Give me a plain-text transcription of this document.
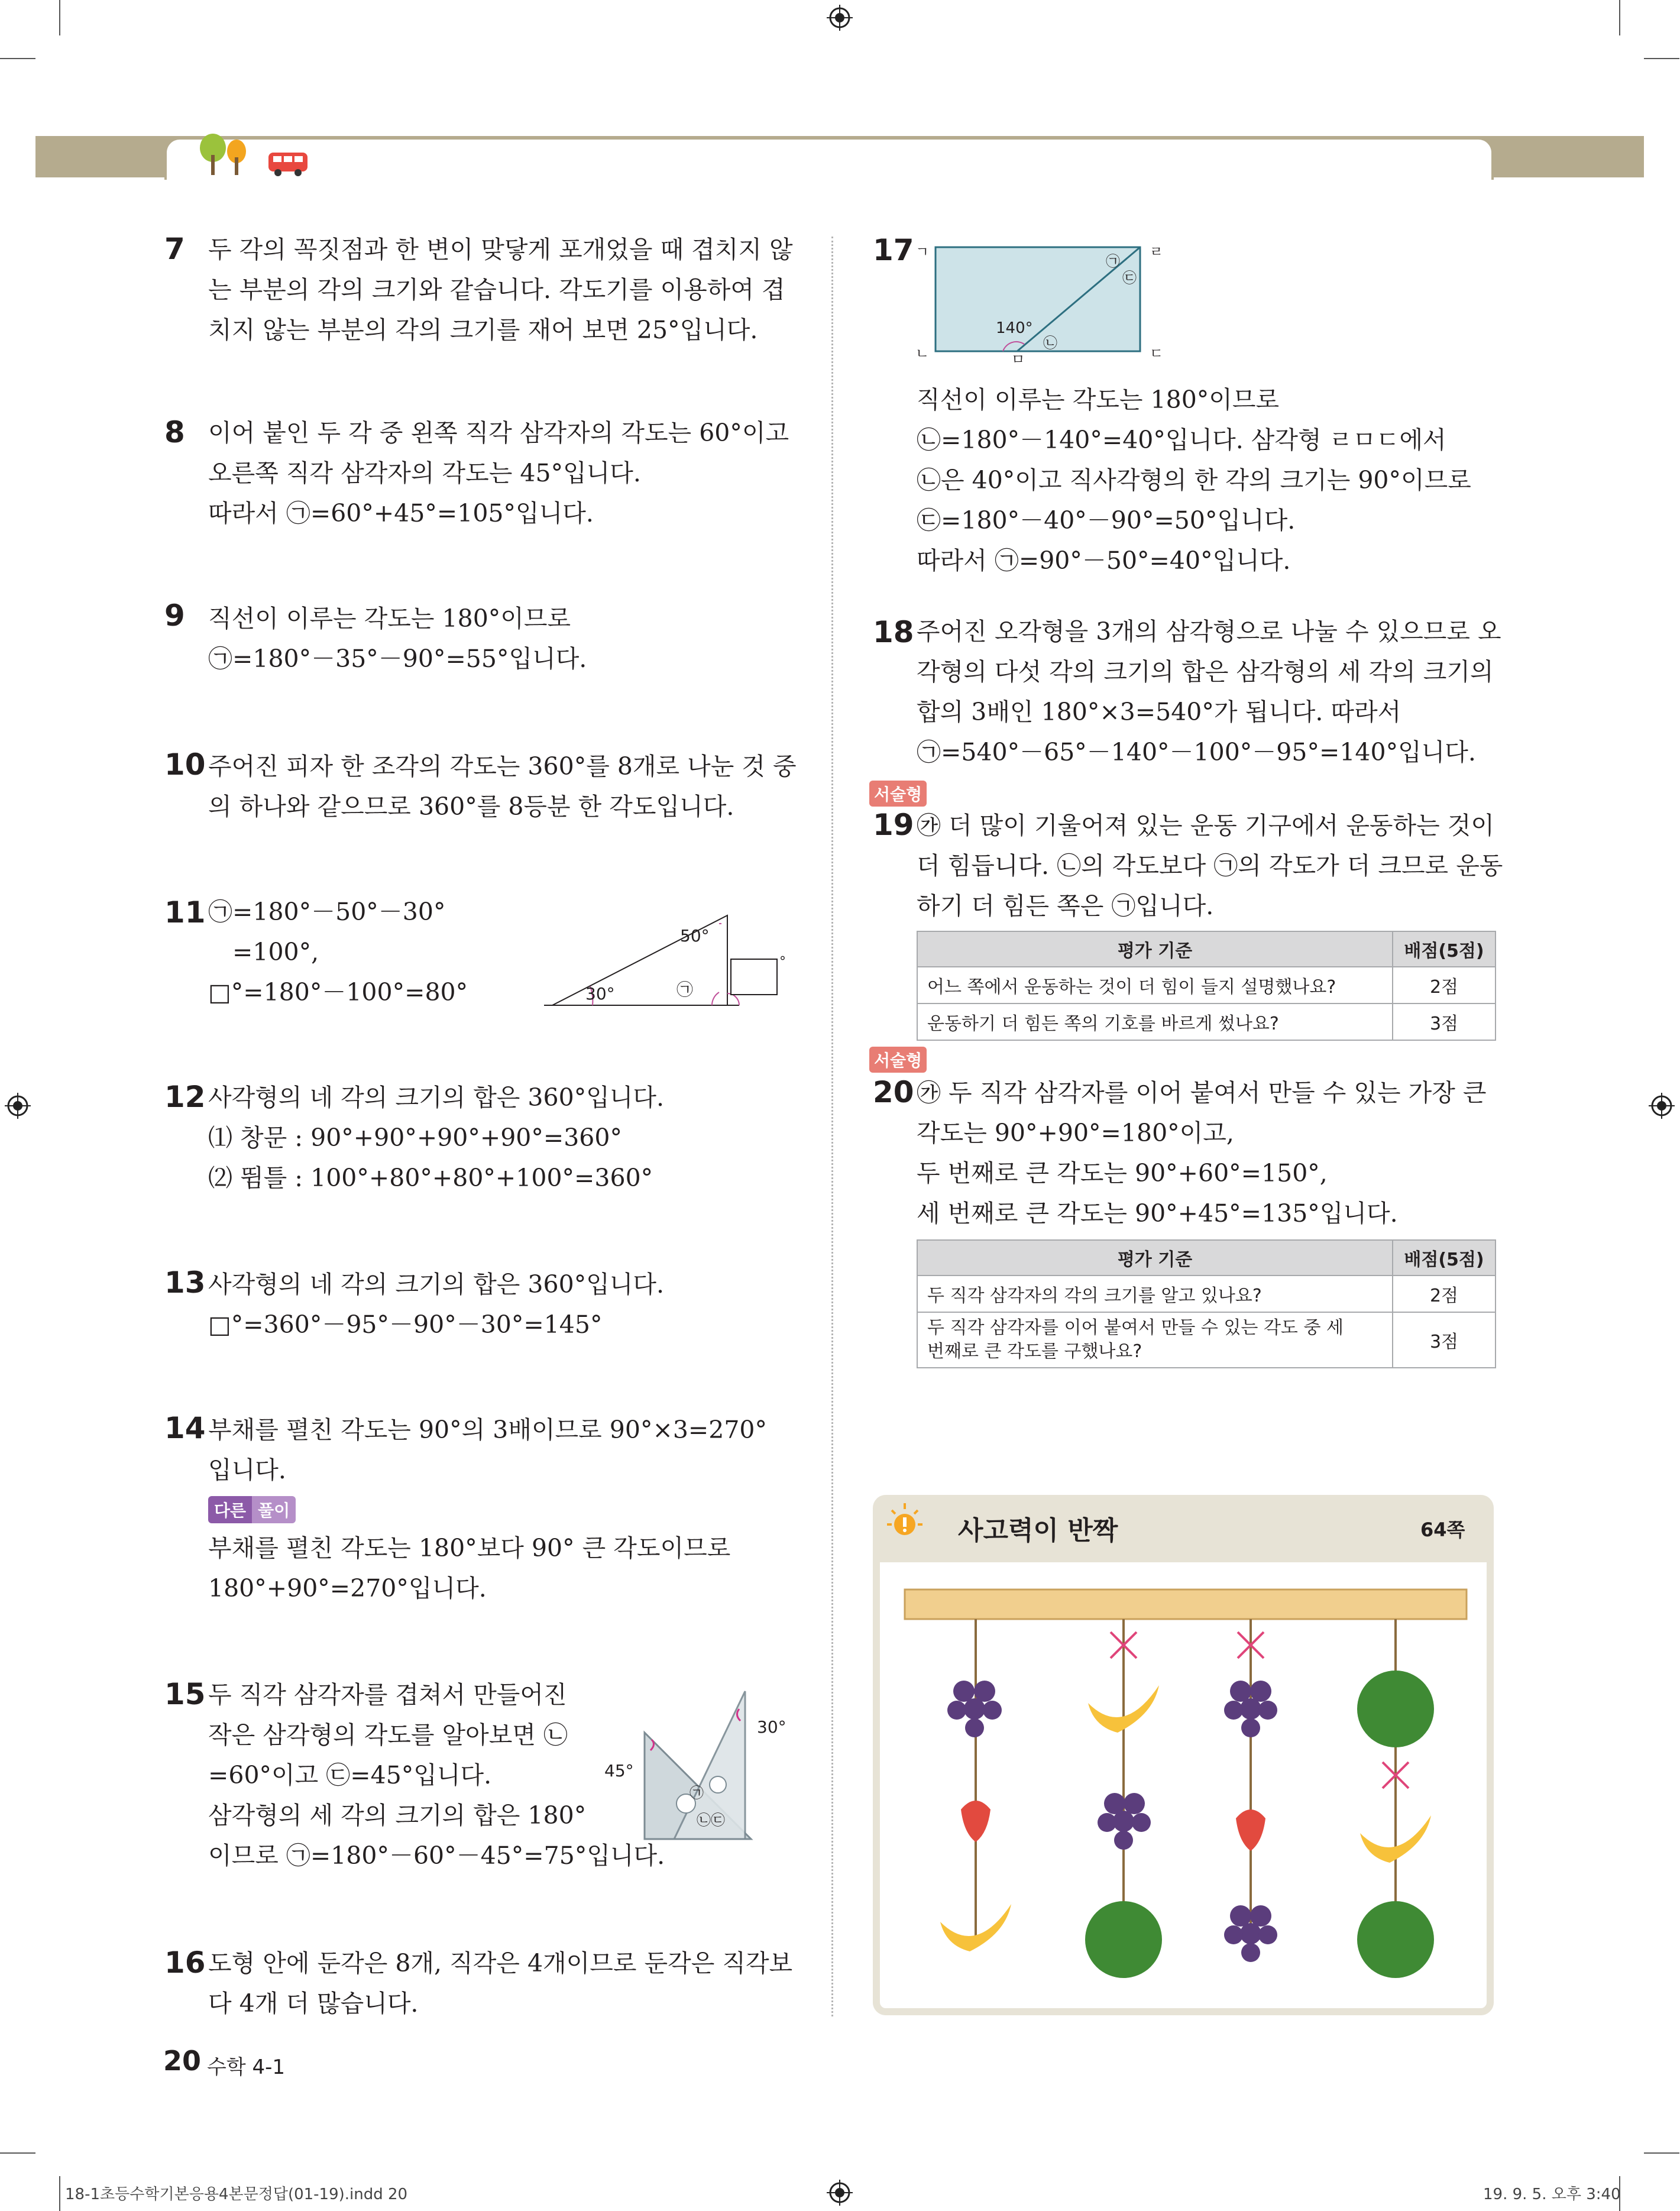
7 두 각의 꼭짓점과 한 변이 맞닿게 포개었을 때 겹치지 않
는 부분의 각의 크기와 같습니다. 각도기를 이용하여 겹
치지 않는 부분의 각의 크기를 재어 보면 25°입니다.
8 이어 붙인 두 각 중 왼쪽 직각 삼각자의 각도는 60°이고
오른쪽 직각 삼각자의 각도는 45°입니다.
따라서 ㉠=60°+45°=105°입니다.
9 직선이 이루는 각도는 180°이므로
㉠=180°－35°－90°=55°입니다.
10 주어진 피자 한 조각의 각도는 360°를 8개로 나눈 것 중
의 하나와 같으므로 360°를 8등분 한 각도입니다.
11 ㉠=180°－50°－30°
　=100°,
□°=180°－100°=80°
50°
30°	㉠
°
12 사각형의 네 각의 크기의 합은 360°입니다.
⑴ 창문 : 90°+90°+90°+90°=360°
⑵ 뜀틀 : 100°+80°+80°+100°=360°
13 사각형의 네 각의 크기의 합은 360°입니다.
□°=360°－95°－90°－30°=145°
14 부채를 펼친 각도는 90°의 3배이므로 90°×3=270°
입니다.
다른 풀이
부채를 펼친 각도는 180°보다 90° 큰 각도이므로
180°+90°=270°입니다.
15 두 직각 삼각자를 겹쳐서 만들어진
작은 삼각형의 각도를 알아보면 ㉡
=60°이고 ㉢=45°입니다.
삼각형의 세 각의 크기의 합은 180°
이므로 ㉠=180°－60°－45°=75°입니다.
30°
45°
㉠
㉡ ㉢
16 도형 안에 둔각은 8개, 직각은 4개이므로 둔각은 직각보
다 4개 더 많습니다.
17 ㄱ	ㄹ
ㄴ	ㅁ	ㄷ
㉠
㉢
㉡
140°
직선이 이루는 각도는 180°이므로
㉡=180°－140°=40°입니다. 삼각형 ㄹㅁㄷ에서
㉡은 40°이고 직사각형의 한 각의 크기는 90°이므로
㉢=180°－40°－90°=50°입니다.
따라서 ㉠=90°－50°=40°입니다.
18 주어진 오각형을 3개의 삼각형으로 나눌 수 있으므로 오
각형의 다섯 각의 크기의 합은 삼각형의 세 각의 크기의
합의 3배인 180°×3=540°가 됩니다. 따라서
㉠=540°－65°－140°－100°－95°=140°입니다.
서술형
19 ㉮ 더 많이 기울어져 있는 운동 기구에서 운동하는 것이
더 힘듭니다. ㉡의 각도보다 ㉠의 각도가 더 크므로 운동
하기 더 힘든 쪽은 ㉠입니다.
평가 기준	배점(5점)
어느 쪽에서 운동하는 것이 더 힘이 들지 설명했나요?	2점
운동하기 더 힘든 쪽의 기호를 바르게 썼나요?	3점
서술형
20 ㉮ 두 직각 삼각자를 이어 붙여서 만들 수 있는 가장 큰
각도는 90°+90°=180°이고,
두 번째로 큰 각도는 90°+60°=150°,
세 번째로 큰 각도는 90°+45°=135°입니다.
평가 기준	배점(5점)
두 직각 삼각자의 각의 크기를 알고 있나요?	2점
두 직각 삼각자를 이어 붙여서 만들 수 있는 각도 중 세
번째로 큰 각도를 구했나요?	3점
사고력이 반짝	64쪽
20 수학 4-1
18-1초등수학기본응용4본문정답(01-19).indd 20	19. 9. 5. 오후 3:40
